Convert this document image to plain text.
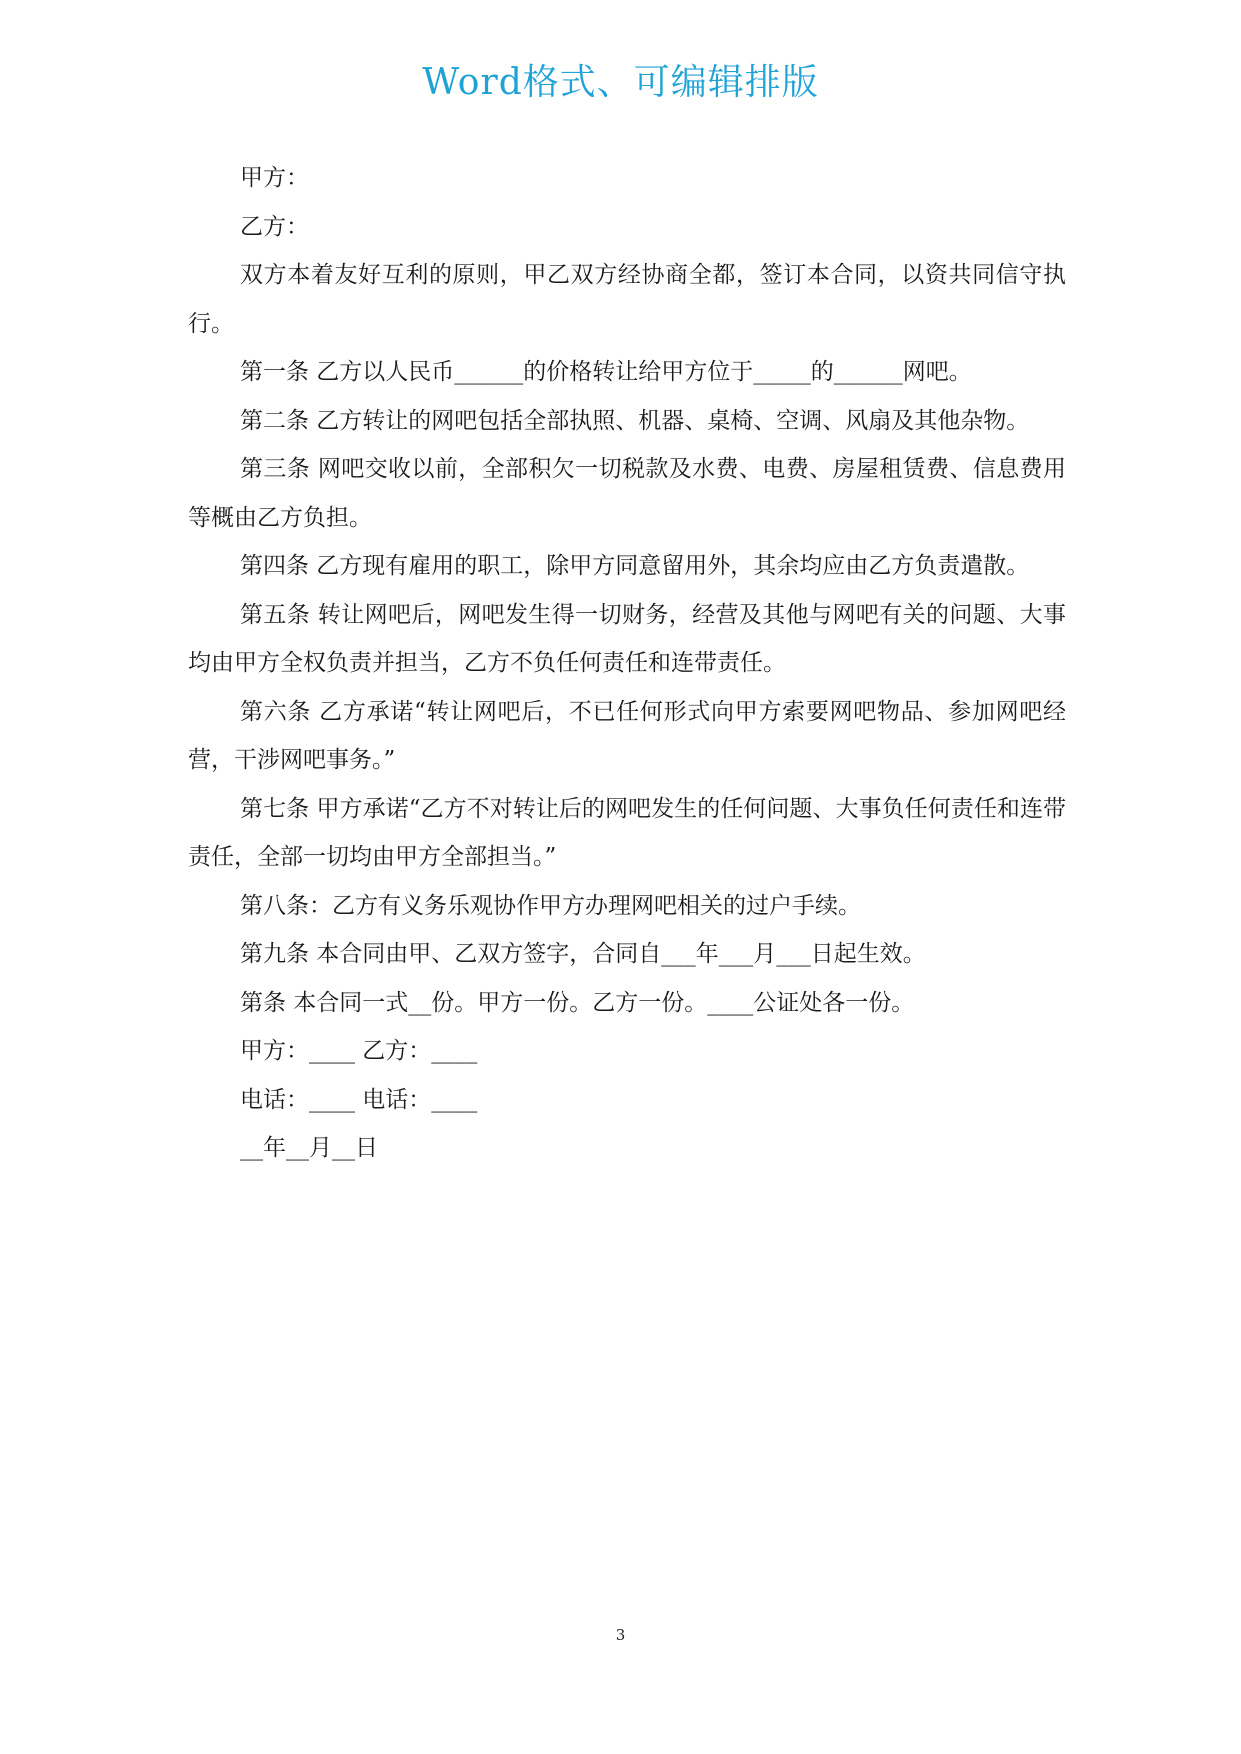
Word格式、可编辑排版

甲方：

乙方：

双方本着友好互利的原则，甲乙双方经协商全都，签订本合同，以资共同信守执行。

第一条 乙方以人民币______的价格转让给甲方位于_____的______网吧。

第二条 乙方转让的网吧包括全部执照、机器、桌椅、空调、风扇及其他杂物。

第三条 网吧交收以前，全部积欠一切税款及水费、电费、房屋租赁费、信息费用等概由乙方负担。

第四条 乙方现有雇用的职工，除甲方同意留用外，其余均应由乙方负责遣散。

第五条 转让网吧后，网吧发生得一切财务，经营及其他与网吧有关的问题、大事均由甲方全权负责并担当，乙方不负任何责任和连带责任。

第六条 乙方承诺“转让网吧后，不已任何形式向甲方索要网吧物品、参加网吧经营，干涉网吧事务。”

第七条 甲方承诺“乙方不对转让后的网吧发生的任何问题、大事负任何责任和连带责任，全部一切均由甲方全部担当。”

第八条：乙方有义务乐观协作甲方办理网吧相关的过户手续。

第九条 本合同由甲、乙双方签字，合同自___年___月___日起生效。

第条 本合同一式__份。甲方一份。乙方一份。____公证处各一份。

甲方：____ 乙方：____

电话：____ 电话：____

__年__月__日

3
